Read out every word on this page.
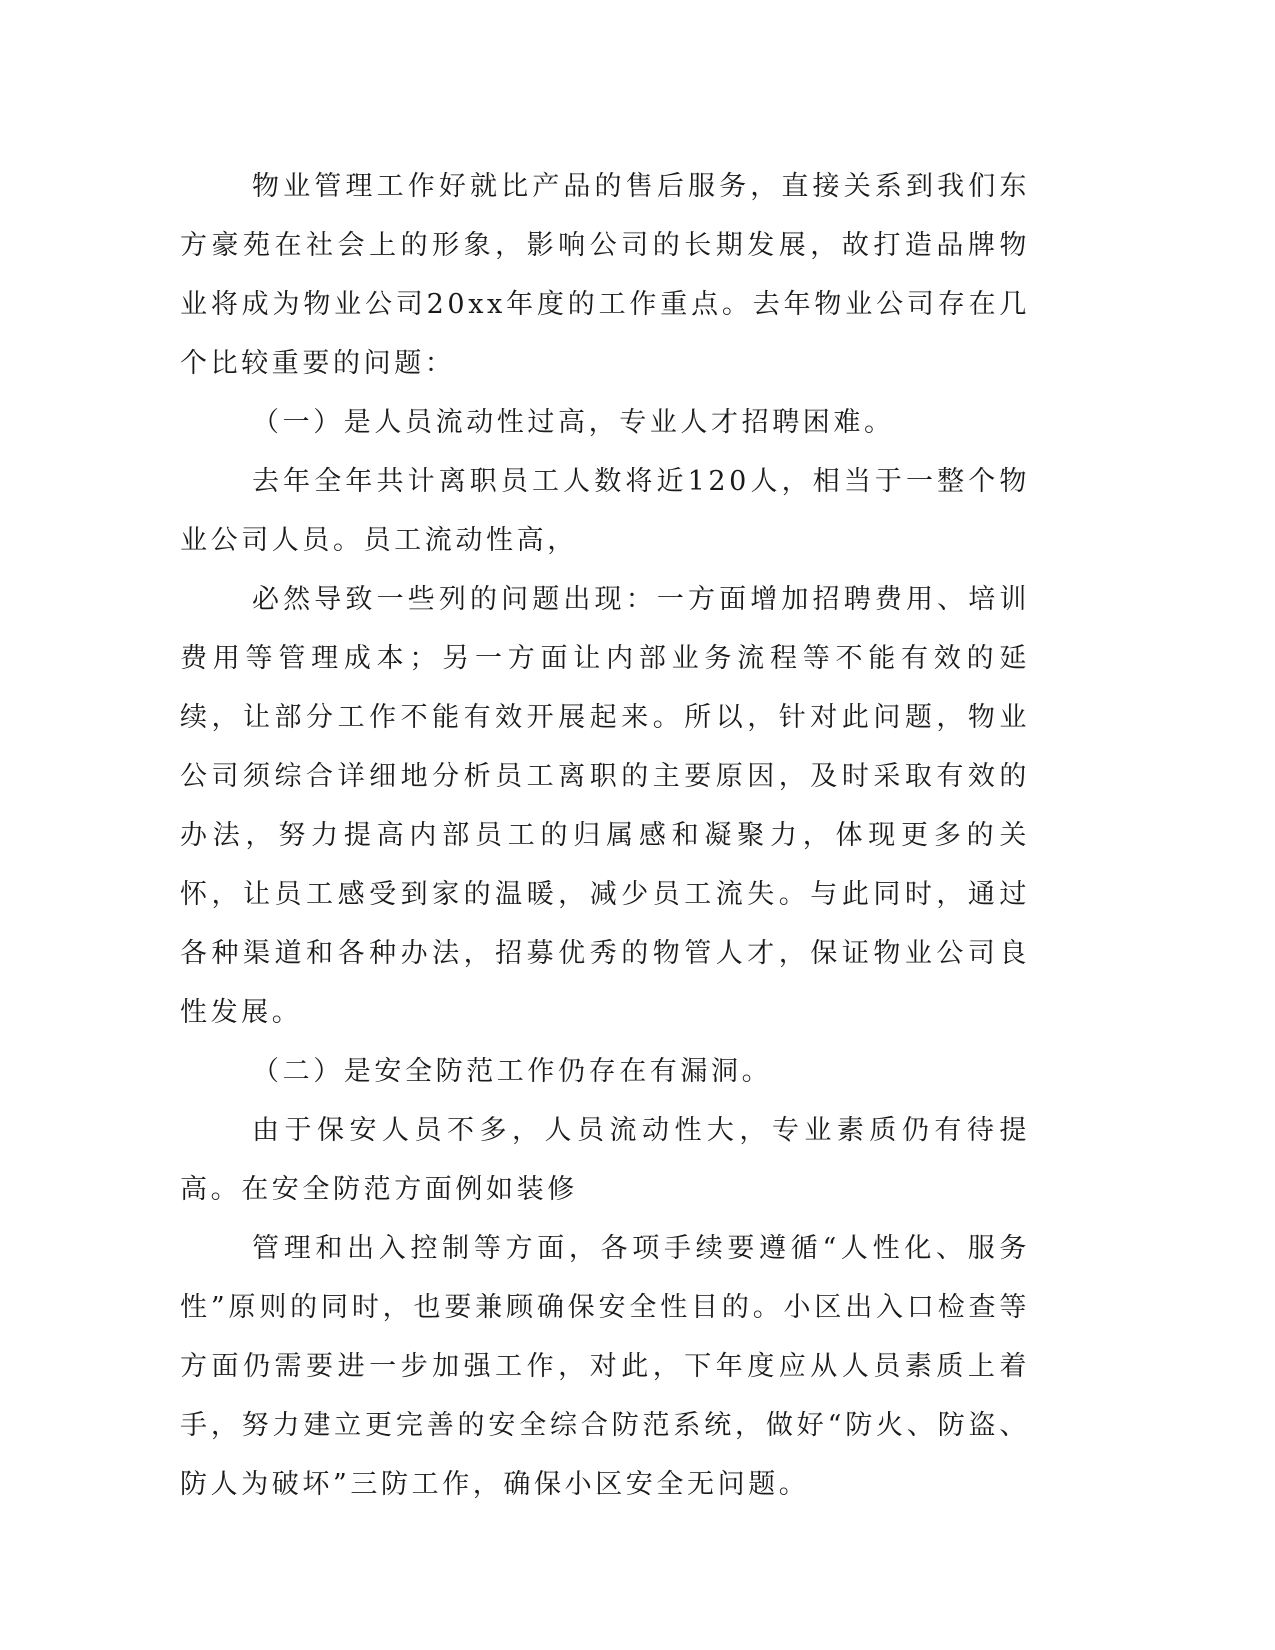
物业管理工作好就比产品的售后服务，直接关系到我们东方豪苑在社会上的形象，影响公司的长期发展，故打造品牌物业将成为物业公司20xx年度的工作重点。去年物业公司存在几个比较重要的问题：

（一）是人员流动性过高，专业人才招聘困难。

去年全年共计离职员工人数将近120人，相当于一整个物业公司人员。员工流动性高，

必然导致一些列的问题出现：一方面增加招聘费用、培训费用等管理成本；另一方面让内部业务流程等不能有效的延续，让部分工作不能有效开展起来。所以，针对此问题，物业公司须综合详细地分析员工离职的主要原因，及时采取有效的办法，努力提高内部员工的归属感和凝聚力，体现更多的关怀，让员工感受到家的温暖，减少员工流失。与此同时，通过各种渠道和各种办法，招募优秀的物管人才，保证物业公司良性发展。

（二）是安全防范工作仍存在有漏洞。

由于保安人员不多，人员流动性大，专业素质仍有待提高。在安全防范方面例如装修

管理和出入控制等方面，各项手续要遵循“人性化、服务性”原则的同时，也要兼顾确保安全性目的。小区出入口检查等方面仍需要进一步加强工作，对此，下年度应从人员素质上着手，努力建立更完善的安全综合防范系统，做好“防火、防盗、防人为破坏”三防工作，确保小区安全无问题。
